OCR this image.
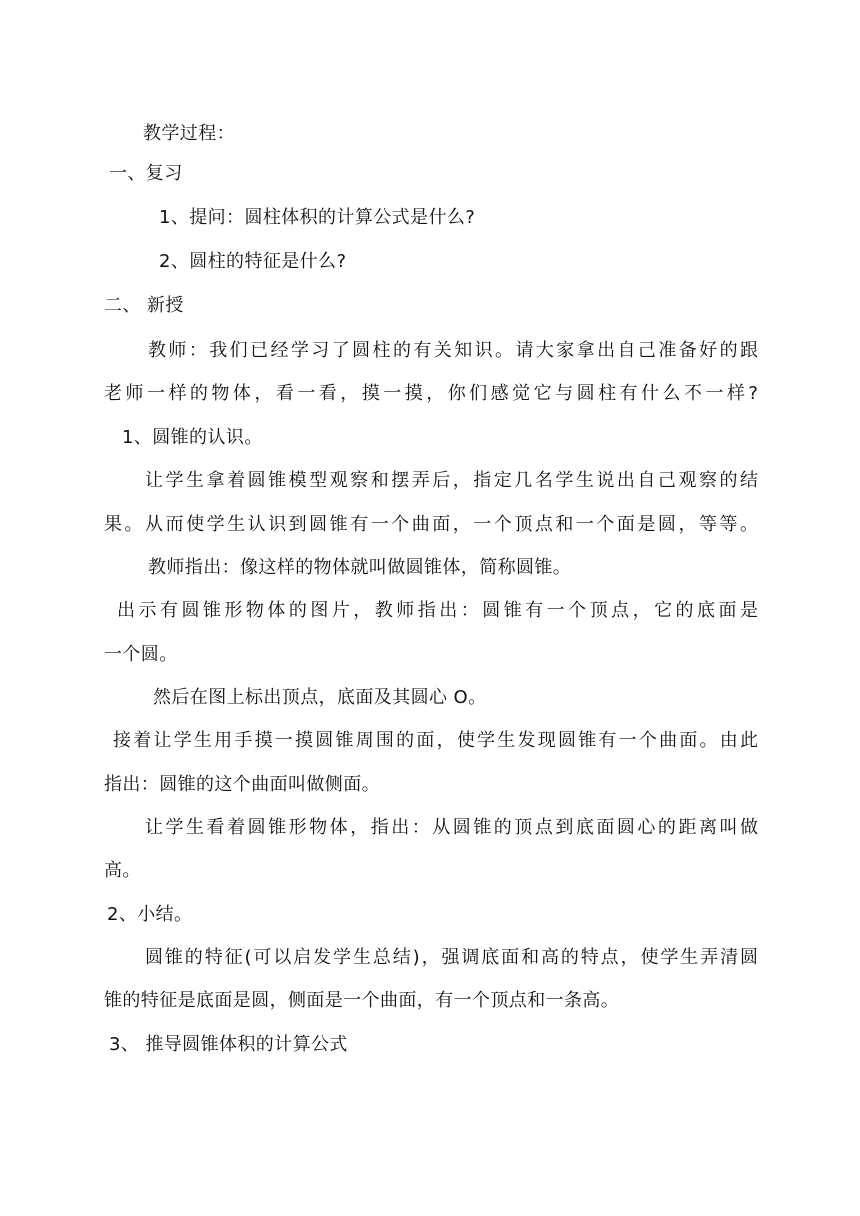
教学过程：
一、复习
1、提问：圆柱体积的计算公式是什么?
2、圆柱的特征是什么?
二、 新授
教师：我们已经学习了圆柱的有关知识。请大家拿出自己准备好的跟
老师一样的物体，看一看，摸一摸，你们感觉它与圆柱有什么不一样?
1、圆锥的认识。
让学生拿着圆锥模型观察和摆弄后，指定几名学生说出自己观察的结
果。从而使学生认识到圆锥有一个曲面，一个顶点和一个面是圆，等等。
教师指出：像这样的物体就叫做圆锥体，简称圆锥。
出示有圆锥形物体的图片，教师指出：圆锥有一个顶点，它的底面是
一个圆。
然后在图上标出顶点，底面及其圆心 O。
接着让学生用手摸一摸圆锥周围的面，使学生发现圆锥有一个曲面。由此
指出：圆锥的这个曲面叫做侧面。
让学生看着圆锥形物体，指出：从圆锥的顶点到底面圆心的距离叫做
高。
2、小结。
圆锥的特征(可以启发学生总结)，强调底面和高的特点，使学生弄清圆
锥的特征是底面是圆，侧面是一个曲面，有一个顶点和一条高。
3、 推导圆锥体积的计算公式
